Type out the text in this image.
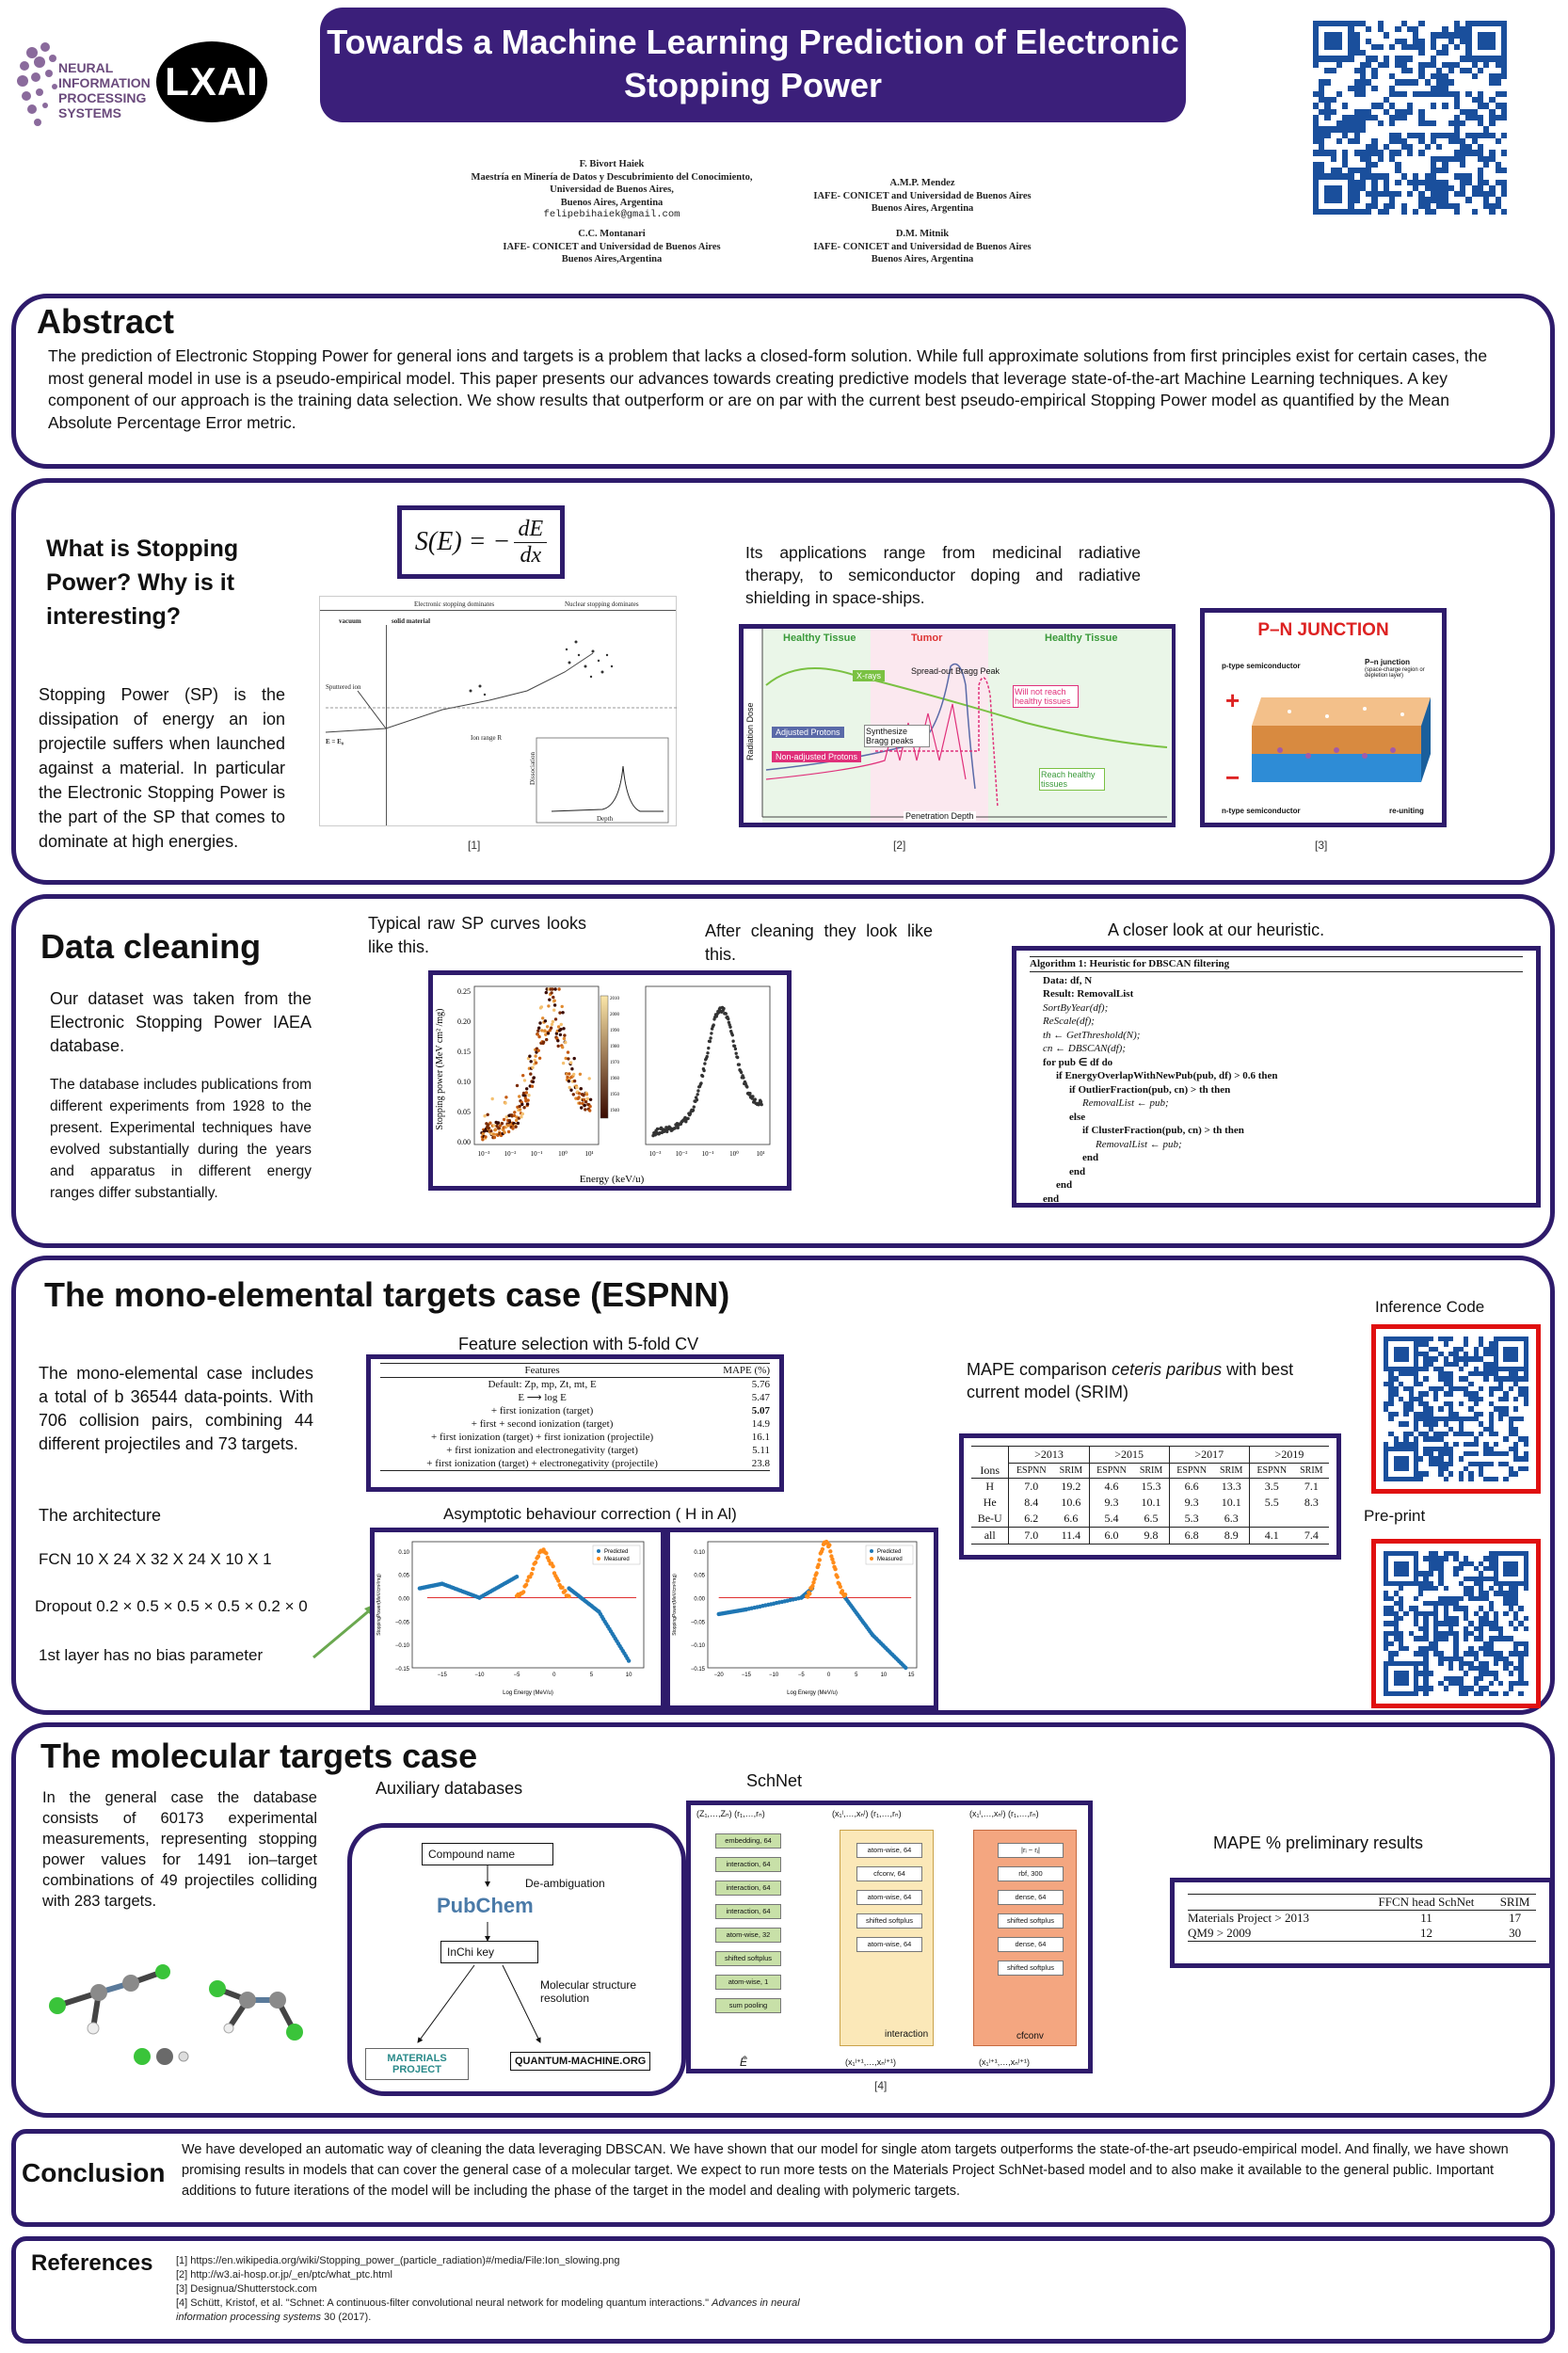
NEURAL
INFORMATION
PROCESSING
SYSTEMS
LXAI
Towards a Machine Learning Prediction of Electronic Stopping Power
F. Bivort Haiek
Maestría en Minería de Datos y Descubrimiento del Conocimiento,
Universidad de Buenos Aires,
Buenos Aires, Argentina
felipebihaiek@gmail.com
C.C. Montanari
IAFE- CONICET and Universidad de Buenos Aires
Buenos Aires,Argentina
A.M.P. Mendez
IAFE- CONICET and Universidad de Buenos Aires
Buenos Aires, Argentina
D.M. Mitnik
IAFE- CONICET and Universidad de Buenos Aires
Buenos Aires, Argentina
Abstract
The prediction of Electronic Stopping Power for general ions and targets is a problem that lacks a closed-form solution. While full approximate solutions from first principles exist for certain cases, the most general model in use is a pseudo-empirical model. This paper presents our advances towards creating predictive models that leverage state-of-the-art Machine Learning techniques. A key component of our approach is the training data selection. We show results that outperform or are on par with the current best pseudo-empirical Stopping Power model as quantified by the Mean Absolute Percentage Error metric.
What is Stopping Power? Why is it interesting?
Stopping Power (SP) is the dissipation of energy an ion projectile suffers when launched against a material. In particular the Electronic Stopping Power is the part of the SP that comes to dominate at high energies.
S(E) = − $\frac{dE}{dx}$
Electronic stopping dominates	Nuclear stopping dominates
vacuum	solid material
Sputtered ion
E = E₀	Ion range R
Depth
Dissociation
[1]
Its applications range from medicinal radiative therapy, to semiconductor doping and radiative shielding in space-ships.
Healthy Tissue	Tumor	Healthy Tissue
X-rays	Spread-out Bragg Peak
Will not reach healthy tissues
Adjusted Protons	Synthesize Bragg peaks
Non-adjusted Protons
Reach healthy tissues
Penetration Depth
Radiation Dose
[2]
P–N JUNCTION
p-type semiconductor	P–n junction
(space-charge region or depletion layer)
+
−
n-type semiconductor	re-uniting
[3]
Data cleaning
Our dataset was taken from the Electronic Stopping Power IAEA database.
The database includes publications from different experiments from 1928 to the present. Experimental techniques have evolved substantially during the years and apparatus in different energy ranges differ substantially.
Typical raw SP curves looks like this.
After cleaning they look like this.
A closer look at our heuristic.
0.25
0.20
0.15
0.10
0.05
0.00
10⁻³ 10⁻² 10⁻¹ 10⁰	10¹	10⁻³ 10⁻² 10⁻¹ 10⁰	10¹
2010
2000
1990
1980
1970
1960
1950
1940
Energy (keV/u)
Stopping power (MeV cm² /mg)
Algorithm 1: Heuristic for DBSCAN filtering
Data: df, N
Result: RemovalList
SortByYear(df);
ReScale(df);
th ← GetThreshold(N);
cn ← DBSCAN(df);
for pub ∈ df do
if EnergyOverlapWithNewPub(pub, df) > 0.6 then
if OutlierFraction(pub, cn) > th then
RemovalList ← pub;
else
if ClusterFraction(pub, cn) > th then
RemovalList ← pub;
end
end
end
end
The mono-elemental targets case (ESPNN)
The mono-elemental case includes a total of b 36544 data-points. With 706 collision pairs, combining 44 different projectiles and 73 targets.
Feature selection with 5-fold CV
Features	MAPE (%)
Default: Zp, mp, Zt, mt, E	5.76
E ⟶ log E	5.47
+ first ionization (target)	5.07
+ first + second ionization (target)	14.9
+ first ionization (target) + first ionization (projectile)	16.1
+ first ionization and electronegativity (target)	5.11
+ first ionization (target) + electronegativity (projectile)	23.8
The architecture
FCN 10 X 24 X 32 X 24 X 10 X 1
Dropout 0.2 × 0.5 × 0.5 × 0.5 × 0.2 × 0
1st layer has no bias parameter
Asymptotic behaviour correction ( H in Al)
0.10
0.05
0.00
−0.05
−0.10
−0.15
−15	−10	−5	0	5	10
Predicted
Measured
Log Energy (MeV/u)
StoppingPower(MeV/cm²/mg)
0.10
0.05
0.00
−0.05
−0.10
−0.15
−20	−15	−10	−5	0	5	10	15
Predicted
Measured
Log Energy (MeV/u)
StoppingPower(MeV/cm²/mg)
MAPE comparison ceteris paribus with best current model (SRIM)
	>2013		>2015		>2017		>2019	
Ions	ESPNN	SRIM	ESPNN	SRIM	ESPNN	SRIM	ESPNN	SRIM
H	7.0	19.2	4.6	15.3	6.6	13.3	3.5	7.1
He	8.4	10.6	9.3	10.1	9.3	10.1	5.5	8.3
Be-U	6.2	6.6	5.4	6.5	5.3	6.3		
all	7.0	11.4	6.0	9.8	6.8	8.9	4.1	7.4
Inference Code
Pre-print
The molecular targets case
In the general case the database consists of 60173 experimental measurements, representing stopping power values for 1491 ion–target combinations of 49 projectiles colliding with 283 targets.
Auxiliary databases
Compound name
De-ambiguation
PubChem
InChi key
Molecular structure resolution
MATERIALS PROJECT
QUANTUM-MACHINE.ORG
SchNet
(Z₁,…,Zₙ) (r₁,…,rₙ)	(x₁ˡ,…,xₙˡ) (r₁,…,rₙ)	(x₁ˡ,…,xₙˡ) (r₁,…,rₙ)
embedding, 64
interaction, 64
interaction, 64
interaction, 64
atom-wise, 32
shifted softplus
atom-wise, 1
sum pooling
atom-wise, 64
cfconv, 64
atom-wise, 64
shifted softplus
atom-wise, 64
interaction
|rᵢ − rⱼ|
rbf, 300
dense, 64
shifted softplus
dense, 64
shifted softplus
cfconv
Ê	(x₁ˡ⁺¹,…,xₙˡ⁺¹)	(x₁ˡ⁺¹,…,xₙˡ⁺¹)
[4]
MAPE % preliminary results
	FFCN head SchNet	SRIM
Materials Project > 2013	11	17
QM9 > 2009	12	30
Conclusion
We have developed an automatic way of cleaning the data leveraging DBSCAN. We have shown that our model for single atom targets outperforms the state-of-the-art pseudo-empirical model. And finally, we have shown promising results in models that can cover the general case of a molecular target. We expect to run more tests on the Materials Project SchNet-based model and to also make it available to the general public. Important additions to future iterations of the model will be including the phase of the target in the model and dealing with polymeric targets.
References [1] https://en.wikipedia.org/wiki/Stopping_power_(particle_radiation)#/media/File:Ion_slowing.png
[2] http://w3.ai-hosp.or.jp/_en/ptc/what_ptc.html
[3] Designua/Shutterstock.com
[4] Schütt, Kristof, et al. "Schnet: A continuous-filter convolutional neural network for modeling quantum interactions." Advances in neural information processing systems 30 (2017).
